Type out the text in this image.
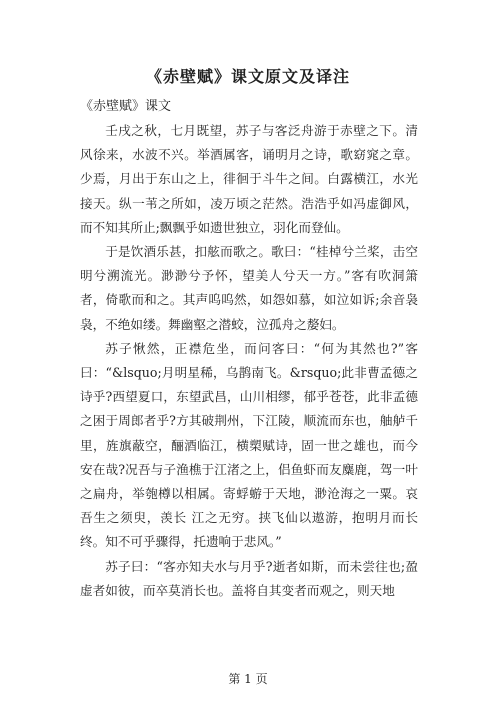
《赤壁赋》课文原文及译注

《赤壁赋》课文

壬戌之秋，七月既望，苏子与客泛舟游于赤壁之下。清风徐来，水波不兴。举酒属客，诵明月之诗，歌窈窕之章。少焉，月出于东山之上，徘徊于斗牛之间。白露横江，水光接天。纵一苇之所如，凌万顷之茫然。浩浩乎如冯虚御风，而不知其所止;飘飘乎如遗世独立，羽化而登仙。

于是饮酒乐甚，扣舷而歌之。歌曰：“桂棹兮兰桨，击空明兮溯流光。渺渺兮予怀，望美人兮天一方。”客有吹洞箫者，倚歌而和之。其声呜呜然，如怨如慕，如泣如诉;余音袅袅，不绝如缕。舞幽壑之潜蛟，泣孤舟之嫠妇。

苏子愀然，正襟危坐，而问客曰：“何为其然也?”客曰：“&lsquo;月明星稀，乌鹊南飞。&rsquo;此非曹孟德之诗乎?西望夏口，东望武昌，山川相缪，郁乎苍苍，此非孟德之困于周郎者乎?方其破荆州，下江陵，顺流而东也，舳舻千里，旌旗蔽空，酾酒临江，横槊赋诗，固一世之雄也，而今安在哉?况吾与子渔樵于江渚之上，侣鱼虾而友麋鹿，驾一叶之扁舟，举匏樽以相属。寄蜉蝣于天地，渺沧海之一粟。哀吾生之须臾，羡长 江之无穷。挟飞仙以遨游，抱明月而长终。知不可乎骤得，托遗响于悲风。”

苏子曰：“客亦知夫水与月乎?逝者如斯，而未尝往也;盈虚者如彼，而卒莫消长也。盖将自其变者而观之，则天地

第 1 页
